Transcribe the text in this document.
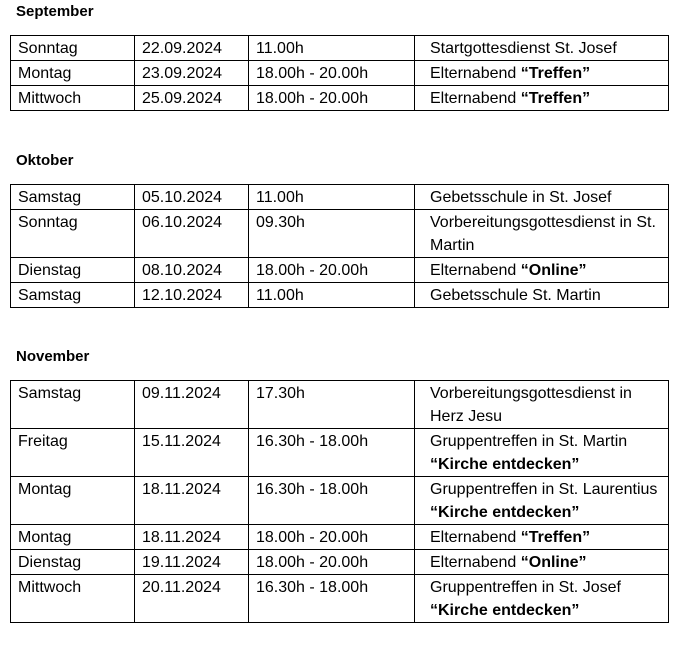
September
Sonntag	22.09.2024	11.00h	Startgottesdienst St. Josef
Montag	23.09.2024	18.00h - 20.00h	Elternabend “Treffen”
Mittwoch	25.09.2024	18.00h - 20.00h	Elternabend “Treffen”
Oktober
Samstag	05.10.2024	11.00h	Gebetsschule in St. Josef
Sonntag	06.10.2024	09.30h	Vorbereitungsgottesdienst in St. Martin
Dienstag	08.10.2024	18.00h - 20.00h	Elternabend “Online”
Samstag	12.10.2024	11.00h	Gebetsschule St. Martin
November
Samstag	09.11.2024	17.30h	Vorbereitungsgottesdienst in Herz Jesu
Freitag	15.11.2024	16.30h - 18.00h	Gruppentreffen in St. Martin “Kirche entdecken”
Montag	18.11.2024	16.30h - 18.00h	Gruppentreffen in St. Laurentius “Kirche entdecken”
Montag	18.11.2024	18.00h - 20.00h	Elternabend “Treffen”
Dienstag	19.11.2024	18.00h - 20.00h	Elternabend “Online”
Mittwoch	20.11.2024	16.30h - 18.00h	Gruppentreffen in St. Josef “Kirche entdecken”
